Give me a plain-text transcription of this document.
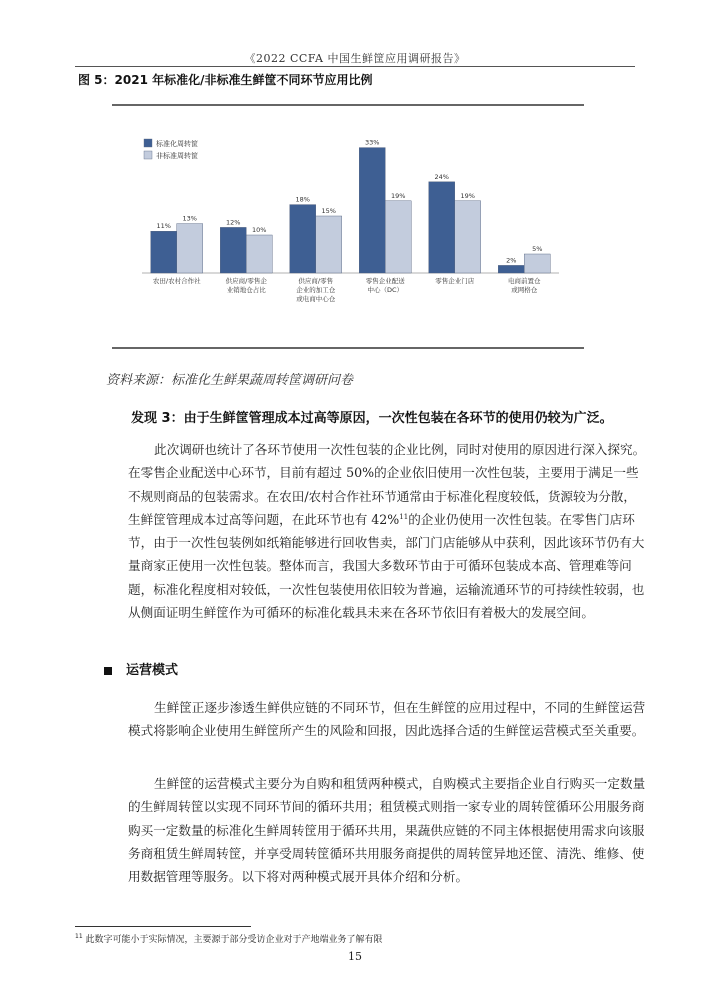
《2022 CCFA 中国生鲜筐应用调研报告》
图 5：2021 年标准化/非标准生鲜筐不同环节应用比例
标准化周转筐
非标准周转筐
11%
13%
农田/农村合作社
12%
10%
供应商/零售企
业销地仓占比
18%
15%
供应商/零售
企业的加工仓
或电商中心仓
33%
19%
零售企业配送
中心（DC）
24%
19%
零售企业门店
2%
5%
电商前置仓
或网格仓
资料来源：标准化生鲜果蔬周转筐调研问卷
发现 3：由于生鲜筐管理成本过高等原因，一次性包装在各环节的使用仍较为广泛。

此次调研也统计了各环节使用一次性包装的企业比例，同时对使用的原因进行深入探究。在零售企业配送中心环节，目前有超过 50%的企业依旧使用一次性包装，主要用于满足一些不规则商品的包装需求。在农田/农村合作社环节通常由于标准化程度较低，货源较为分散，生鲜筐管理成本过高等问题，在此环节也有 42%$^{11}$的企业仍使用一次性包装。在零售门店环节，由于一次性包装例如纸箱能够进行回收售卖，部门门店能够从中获利，因此该环节仍有大量商家正使用一次性包装。整体而言，我国大多数环节由于可循环包装成本高、管理难等问题，标准化程度相对较低，一次性包装使用依旧较为普遍，运输流通环节的可持续性较弱，也从侧面证明生鲜筐作为可循环的标准化载具未来在各环节依旧有着极大的发展空间。

运营模式

生鲜筐正逐步渗透生鲜供应链的不同环节，但在生鲜筐的应用过程中，不同的生鲜筐运营模式将影响企业使用生鲜筐所产生的风险和回报，因此选择合适的生鲜筐运营模式至关重要。

生鲜筐的运营模式主要分为自购和租赁两种模式，自购模式主要指企业自行购买一定数量的生鲜周转筐以实现不同环节间的循环共用；租赁模式则指一家专业的周转筐循环公用服务商购买一定数量的标准化生鲜周转筐用于循环共用，果蔬供应链的不同主体根据使用需求向该服务商租赁生鲜周转筐，并享受周转筐循环共用服务商提供的周转筐异地还筐、清洗、维修、使用数据管理等服务。以下将对两种模式展开具体介绍和分析。

$^{11}$ 此数字可能小于实际情况，主要源于部分受访企业对于产地端业务了解有限
15
